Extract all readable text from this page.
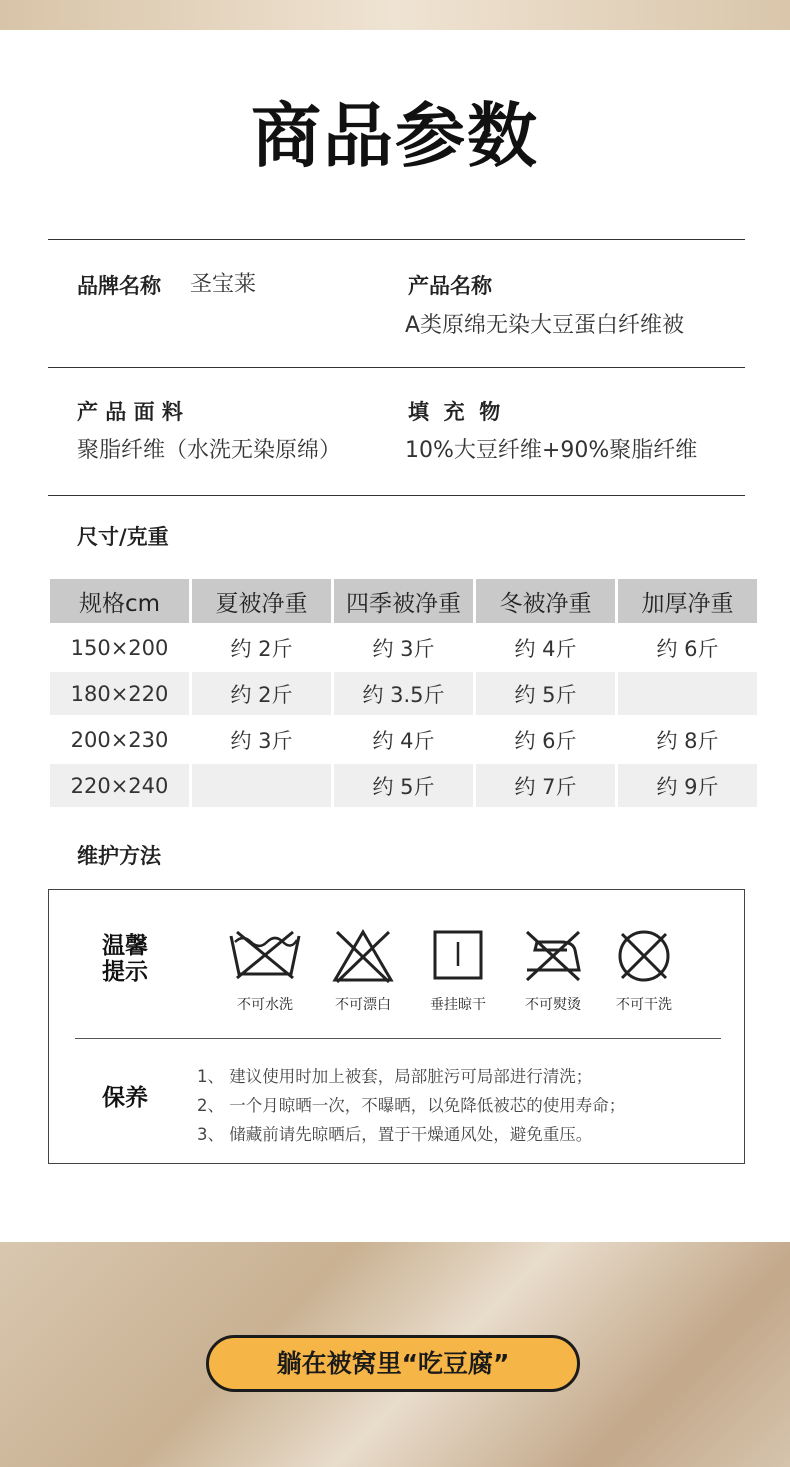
商品参数
品牌名称 圣宝莱	产品名称
A类原绵无染大豆蛋白纤维被
产 品 面 料
聚脂纤维（水洗无染原绵）
填  充  物
10%大豆纤维+90%聚脂纤维
尺寸/克重
规格cm	夏被净重	四季被净重	冬被净重	加厚净重
150×200	约 2斤	约 3斤	约 4斤	约 6斤
180×220	约 2斤	约 3.5斤	约 5斤	
200×230	约 3斤	约 4斤	约 6斤	约 8斤
220×240		约 5斤	约 7斤	约 9斤
维护方法
温馨
提示
不可水洗	不可漂白	垂挂晾干	不可熨烫	不可干洗
保养
1、 建议使用时加上被套，局部脏污可局部进行清洗；
2、 一个月晾晒一次，不曝晒，以免降低被芯的使用寿命；
3、 储藏前请先晾晒后，置于干燥通风处，避免重压。
躺在被窝里“吃豆腐”
